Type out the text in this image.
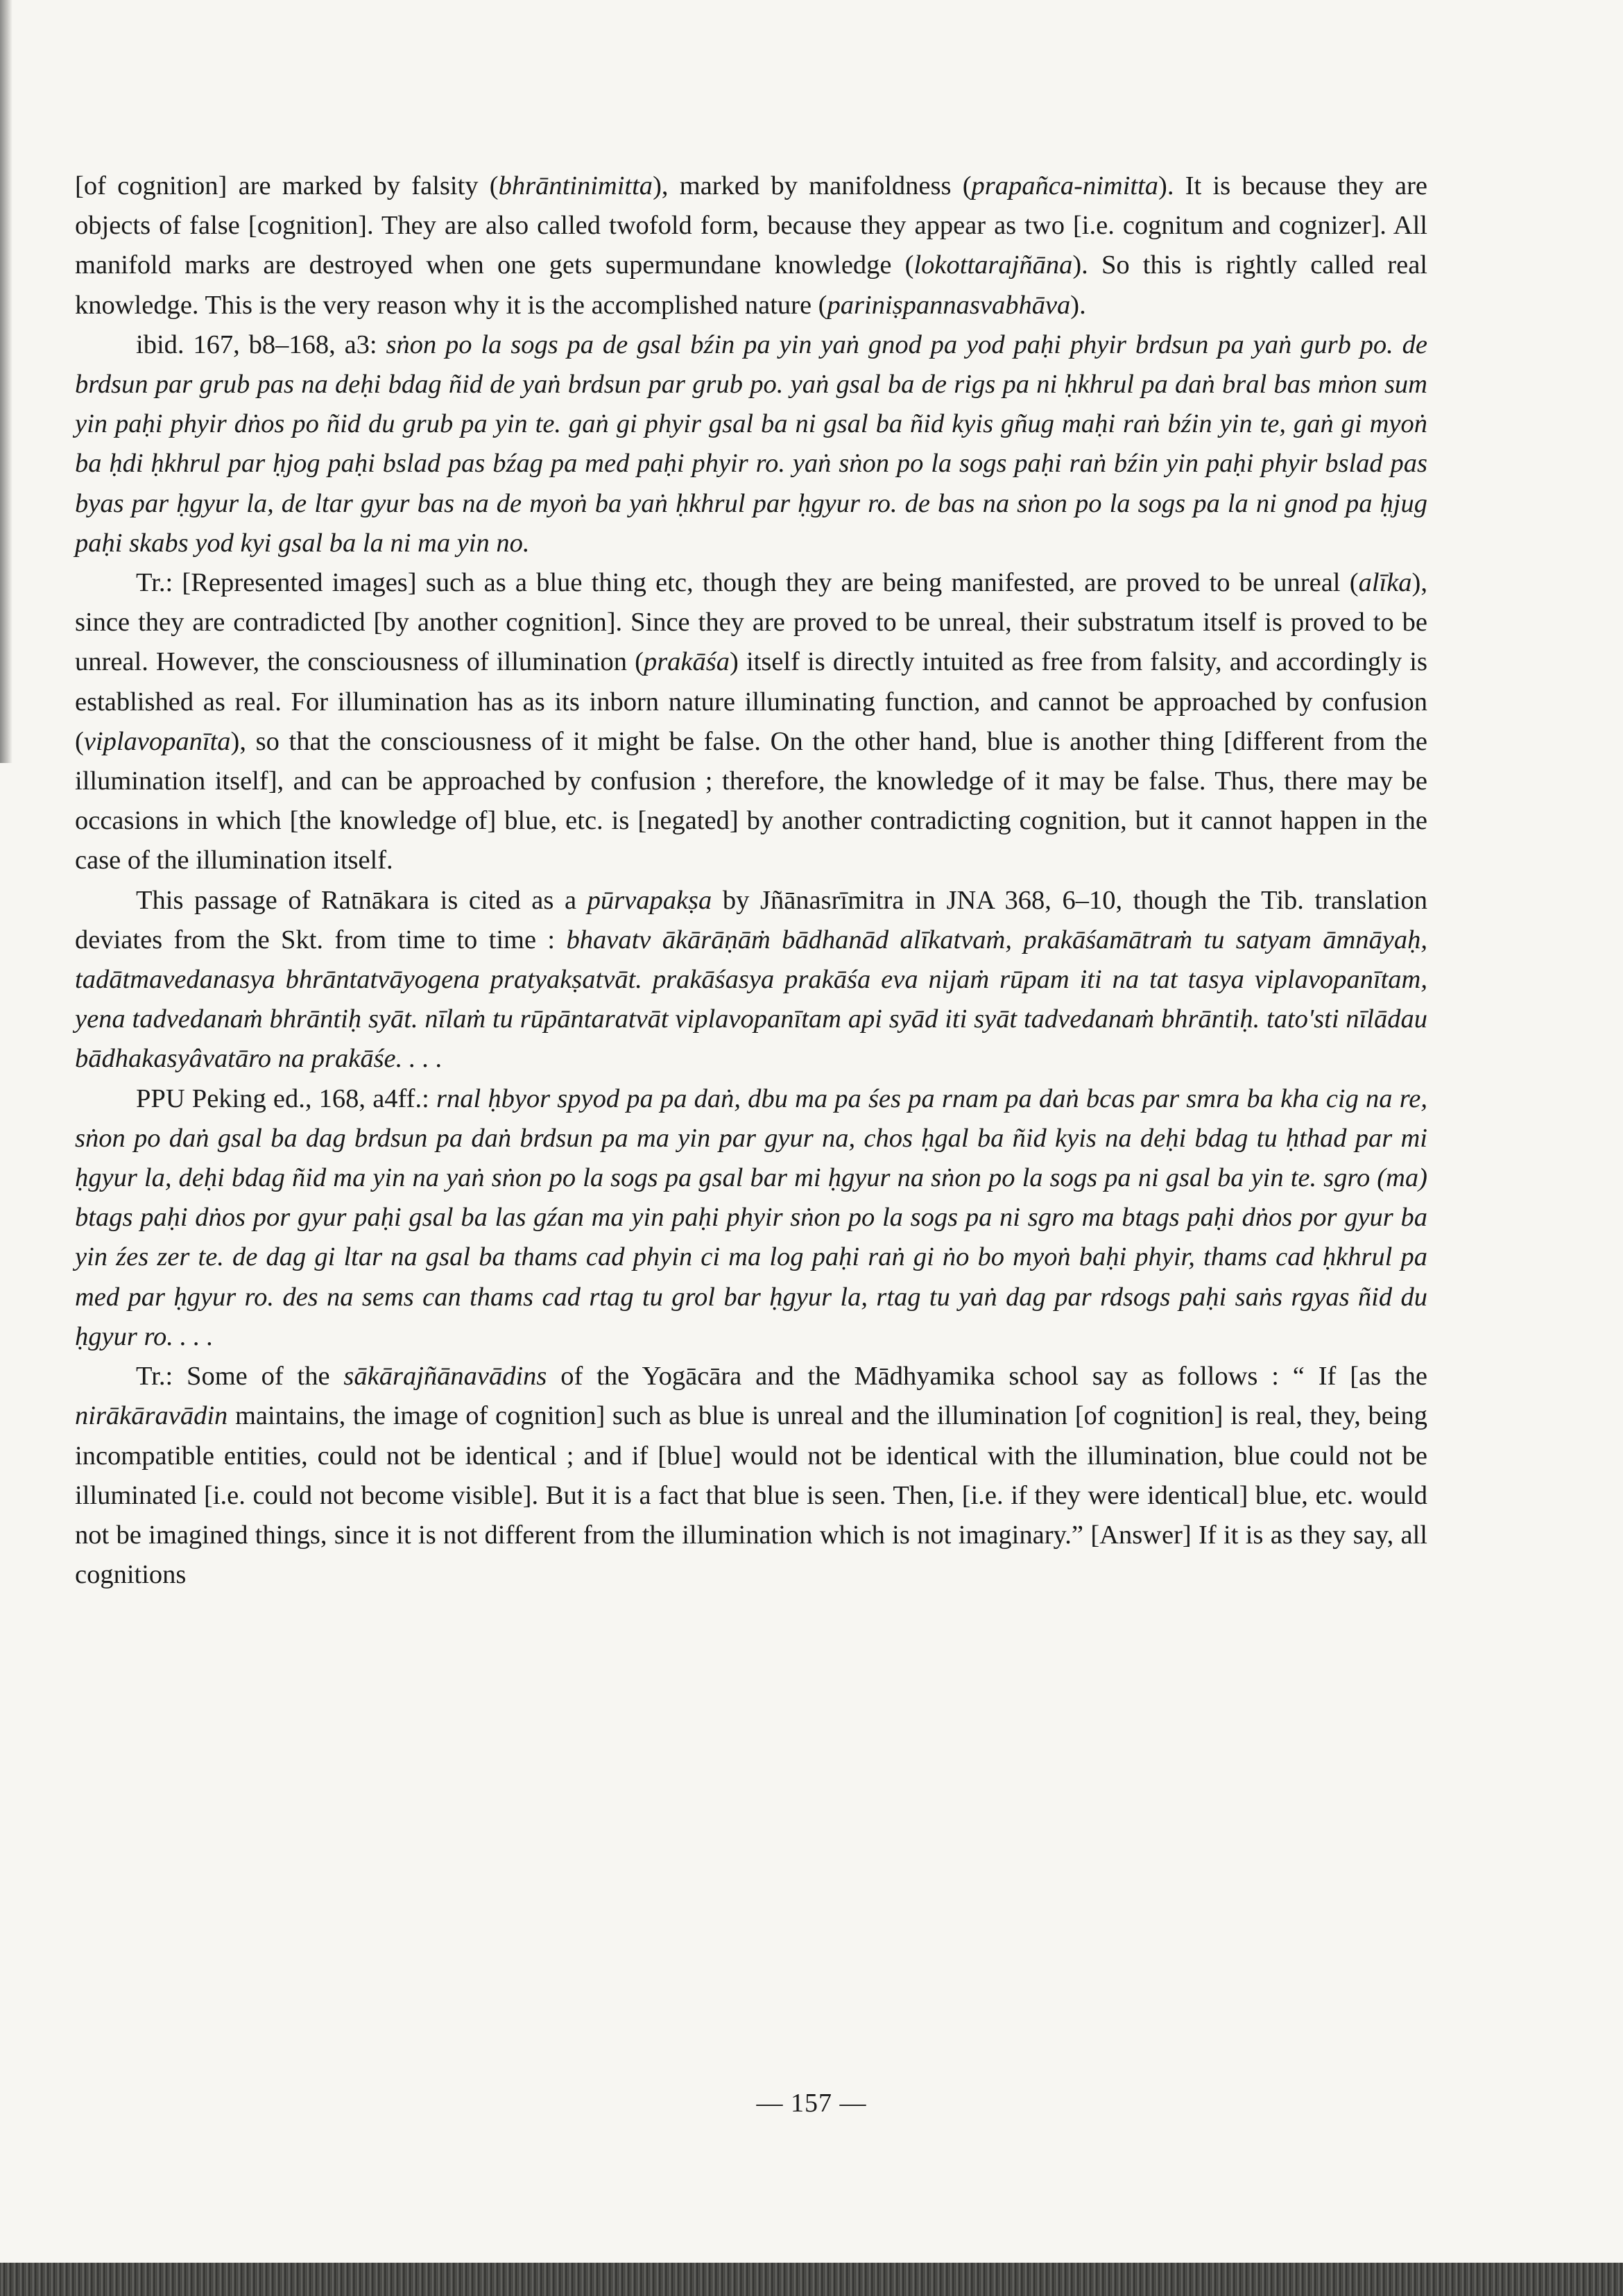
[of cognition] are marked by falsity (bhrāntinimitta), marked by manifoldness (prapañca-nimitta). It is because they are objects of false [cognition]. They are also called twofold form, because they appear as two [i.e. cognitum and cognizer]. All manifold marks are destroyed when one gets supermundane knowledge (lokottarajñāna). So this is rightly called real knowledge. This is the very reason why it is the accomplished nature (pariniṣpannasvabhāva).

ibid. 167, b8–168, a3: sṅon po la sogs pa de gsal bźin pa yin yaṅ gnod pa yod paḥi phyir brdsun pa yaṅ gurb po. de brdsun par grub pas na deḥi bdag ñid de yaṅ brdsun par grub po. yaṅ gsal ba de rigs pa ni ḥkhrul pa daṅ bral bas mṅon sum yin paḥi phyir dṅos po ñid du grub pa yin te. gaṅ gi phyir gsal ba ni gsal ba ñid kyis gñug maḥi raṅ bźin yin te, gaṅ gi myoṅ ba ḥdi ḥkhrul par ḥjog paḥi bslad pas bźag pa med paḥi phyir ro. yaṅ sṅon po la sogs paḥi raṅ bźin yin paḥi phyir bslad pas byas par ḥgyur la, de ltar gyur bas na de myoṅ ba yaṅ ḥkhrul par ḥgyur ro. de bas na sṅon po la sogs pa la ni gnod pa ḥjug paḥi skabs yod kyi gsal ba la ni ma yin no.

Tr.: [Represented images] such as a blue thing etc, though they are being manifested, are proved to be unreal (alīka), since they are contradicted [by another cognition]. Since they are proved to be unreal, their substratum itself is proved to be unreal. However, the consciousness of illumination (prakāśa) itself is directly intuited as free from falsity, and accordingly is established as real. For illumination has as its inborn nature illuminating function, and cannot be approached by confusion (viplavopanīta), so that the consciousness of it might be false. On the other hand, blue is another thing [different from the illumination itself], and can be approached by confusion ; therefore, the knowledge of it may be false. Thus, there may be occasions in which [the knowledge of] blue, etc. is [negated] by another contradicting cognition, but it cannot happen in the case of the illumination itself.

This passage of Ratnākara is cited as a pūrvapakṣa by Jñānasrīmitra in JNA 368, 6–10, though the Tib. translation deviates from the Skt. from time to time : bhavatv ākārāṇāṁ bādhanād alīkatvaṁ, prakāśamātraṁ tu satyam āmnāyaḥ, tadātmavedanasya bhrāntatvāyogena pratyakṣatvāt. prakāśasya prakāśa eva nijaṁ rūpam iti na tat tasya viplavopanītam, yena tadvedanaṁ bhrāntiḥ syāt. nīlaṁ tu rūpāntaratvāt viplavopanītam api syād iti syāt tadvedanaṁ bhrāntiḥ. tato'sti nīlādau bādhakasyâvatāro na prakāśe. . . .

PPU Peking ed., 168, a4ff.: rnal ḥbyor spyod pa pa daṅ, dbu ma pa śes pa rnam pa daṅ bcas par smra ba kha cig na re, sṅon po daṅ gsal ba dag brdsun pa daṅ brdsun pa ma yin par gyur na, chos ḥgal ba ñid kyis na deḥi bdag tu ḥthad par mi ḥgyur la, deḥi bdag ñid ma yin na yaṅ sṅon po la sogs pa gsal bar mi ḥgyur na sṅon po la sogs pa ni gsal ba yin te. sgro (ma) btags paḥi dṅos por gyur paḥi gsal ba las gźan ma yin paḥi phyir sṅon po la sogs pa ni sgro ma btags paḥi dṅos por gyur ba yin źes zer te. de dag gi ltar na gsal ba thams cad phyin ci ma log paḥi raṅ gi ṅo bo myoṅ baḥi phyir, thams cad ḥkhrul pa med par ḥgyur ro. des na sems can thams cad rtag tu grol bar ḥgyur la, rtag tu yaṅ dag par rdsogs paḥi saṅs rgyas ñid du ḥgyur ro. . . .

Tr.: Some of the sākārajñānavādins of the Yogācāra and the Mādhyamika school say as follows : “ If [as the nirākāravādin maintains, the image of cognition] such as blue is unreal and the illumination [of cognition] is real, they, being incompatible entities, could not be identical ; and if [blue] would not be identical with the illumination, blue could not be illuminated [i.e. could not become visible]. But it is a fact that blue is seen. Then, [i.e. if they were identical] blue, etc. would not be imagined things, since it is not different from the illumination which is not imaginary.” [Answer] If it is as they say, all cognitions

— 157 —
